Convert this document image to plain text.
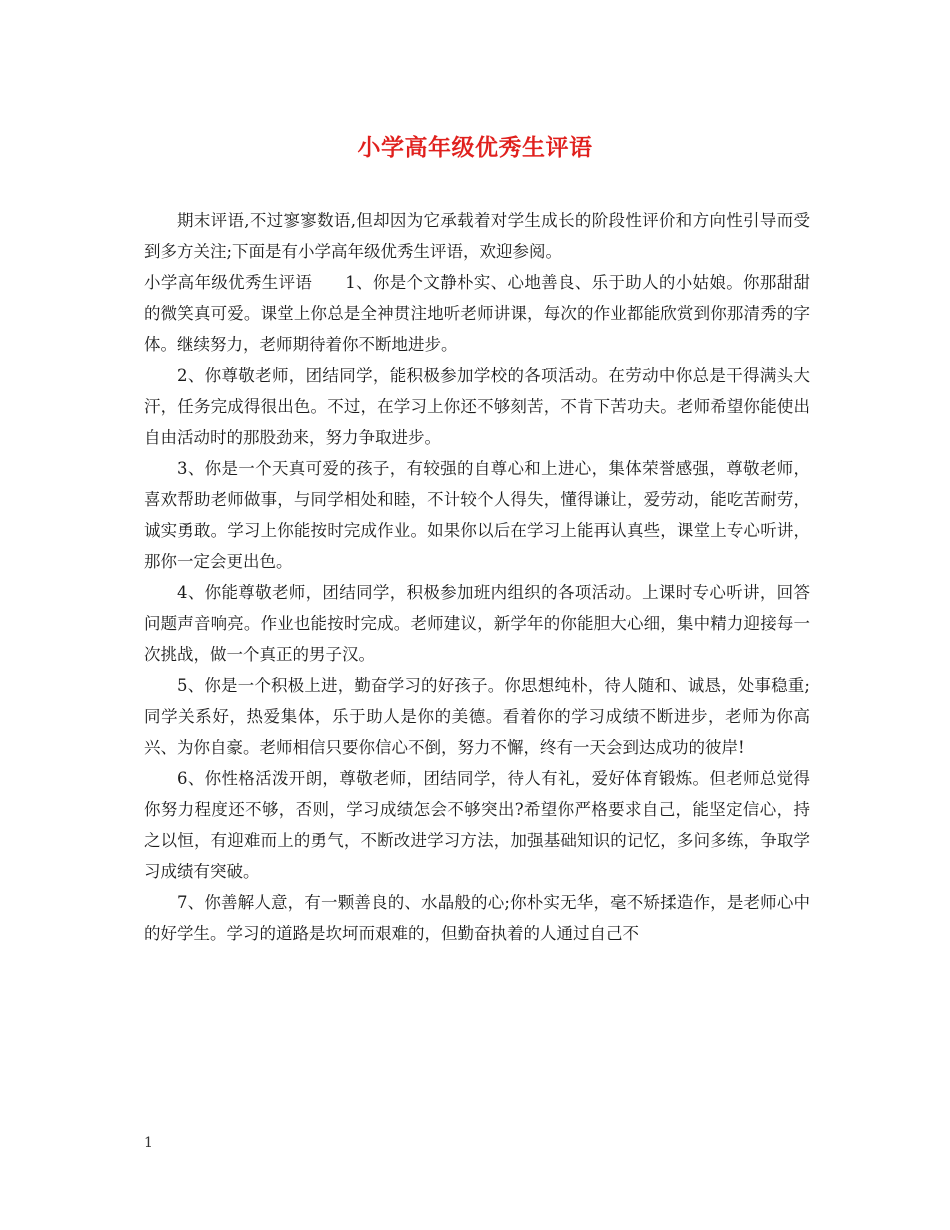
小学高年级优秀生评语

期末评语,不过寥寥数语,但却因为它承载着对学生成长的阶段性评价和方向性引导而受到多方关注;下面是有小学高年级优秀生评语，欢迎参阅。

小学高年级优秀生评语 1、你是个文静朴实、心地善良、乐于助人的小姑娘。你那甜甜的微笑真可爱。课堂上你总是全神贯注地听老师讲课，每次的作业都能欣赏到你那清秀的字体。继续努力，老师期待着你不断地进步。

2、你尊敬老师，团结同学，能积极参加学校的各项活动。在劳动中你总是干得满头大汗，任务完成得很出色。不过，在学习上你还不够刻苦，不肯下苦功夫。老师希望你能使出自由活动时的那股劲来，努力争取进步。

3、你是一个天真可爱的孩子，有较强的自尊心和上进心，集体荣誉感强，尊敬老师，喜欢帮助老师做事，与同学相处和睦，不计较个人得失，懂得谦让，爱劳动，能吃苦耐劳，诚实勇敢。学习上你能按时完成作业。如果你以后在学习上能再认真些，课堂上专心听讲，那你一定会更出色。

4、你能尊敬老师，团结同学，积极参加班内组织的各项活动。上课时专心听讲，回答问题声音响亮。作业也能按时完成。老师建议，新学年的你能胆大心细，集中精力迎接每一次挑战，做一个真正的男子汉。

5、你是一个积极上进，勤奋学习的好孩子。你思想纯朴，待人随和、诚恳，处事稳重;同学关系好，热爱集体，乐于助人是你的美德。看着你的学习成绩不断进步，老师为你高兴、为你自豪。老师相信只要你信心不倒，努力不懈，终有一天会到达成功的彼岸!

6、你性格活泼开朗，尊敬老师，团结同学，待人有礼，爱好体育锻炼。但老师总觉得你努力程度还不够，否则，学习成绩怎会不够突出?希望你严格要求自己，能坚定信心，持之以恒，有迎难而上的勇气，不断改进学习方法，加强基础知识的记忆，多问多练，争取学习成绩有突破。

7、你善解人意，有一颗善良的、水晶般的心;你朴实无华，毫不矫揉造作，是老师心中的好学生。学习的道路是坎坷而艰难的，但勤奋执着的人通过自己不

1
